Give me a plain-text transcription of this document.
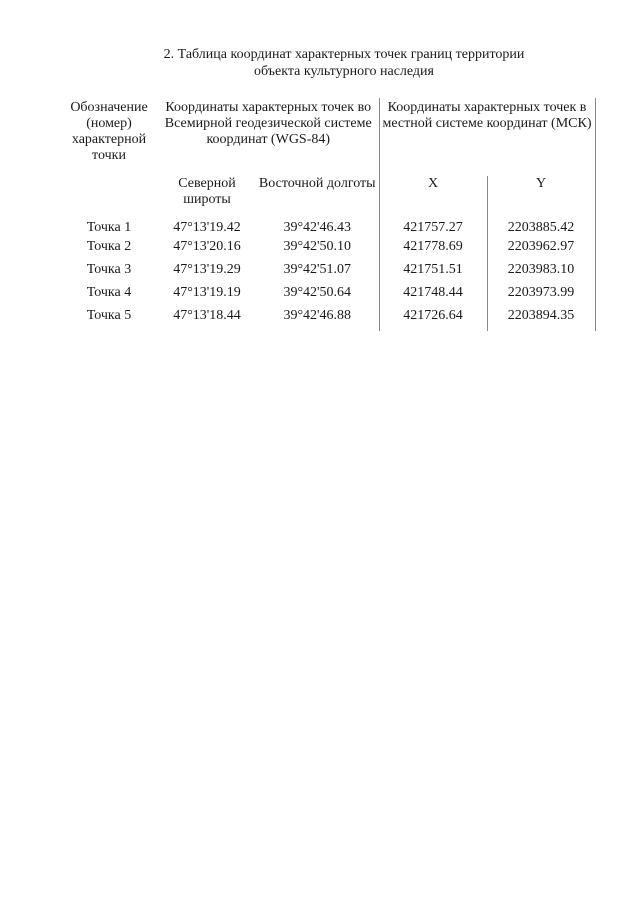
2. Таблица координат характерных точек границ территории
объекта культурного наследия
Обозначение (номер) характерной точки	Координаты характерных точек во Всемирной геодезической системе координат (WGS-84)		Координаты характерных точек в местной системе координат (МСК)	
	Северной широты	Восточной долготы	X	Y
Точка 1	47°13'19.42	39°42'46.43	421757.27	2203885.42
Точка 2	47°13'20.16	39°42'50.10	421778.69	2203962.97
Точка 3	47°13'19.29	39°42'51.07	421751.51	2203983.10
Точка 4	47°13'19.19	39°42'50.64	421748.44	2203973.99
Точка 5	47°13'18.44	39°42'46.88	421726.64	2203894.35
